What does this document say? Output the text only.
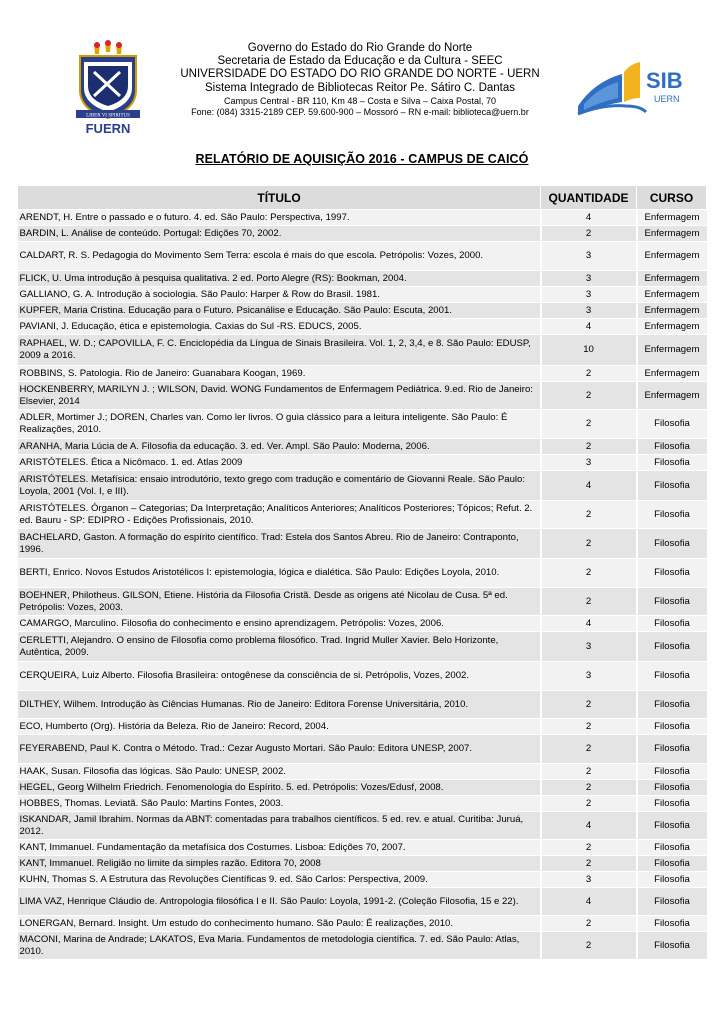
LIBER VI SPIRITUS
FUERN
Governo do Estado do Rio Grande do Norte
Secretaria de Estado da Educação e da Cultura - SEEC
UNIVERSIDADE DO ESTADO DO RIO GRANDE DO NORTE - UERN
Sistema Integrado de Bibliotecas Reitor Pe. Sátiro C. Dantas
Campus Central - BR 110, Km 48 – Costa e Silva – Caixa Postal, 70
Fone: (084) 3315-2189 CEP. 59.600-900 – Mossoró – RN e-mail: biblioteca@uern.br
SIB
UERN
RELATÓRIO DE AQUISIÇÃO 2016 - CAMPUS DE CAICÓ
TÍTULO	QUANTIDADE	CURSO
ARENDT, H. Entre o passado e o futuro. 4. ed. São Paulo: Perspectiva, 1997.	4	Enfermagem
BARDIN, L. Análise de conteúdo. Portugal: Edições 70, 2002.	2	Enfermagem
CALDART, R. S. Pedagogia do Movimento Sem Terra: escola é mais do que escola. Petrópolis: Vozes, 2000.	3	Enfermagem
FLICK, U. Uma introdução à pesquisa qualitativa. 2 ed. Porto Alegre (RS): Bookman, 2004.	3	Enfermagem
GALLIANO, G. A. Introdução à sociologia. São Paulo: Harper & Row do Brasil. 1981.	3	Enfermagem
KUPFER, Maria Cristina. Educação para o Futuro. Psicanálise e Educação. São Paulo: Escuta, 2001.	3	Enfermagem
PAVIANI, J. Educação, ética e epistemologia. Caxias do Sul -RS. EDUCS, 2005.	4	Enfermagem
RAPHAEL, W. D.; CAPOVILLA, F. C. Enciclopédia da Língua de Sinais Brasileira. Vol. 1, 2, 3,4, e 8. São Paulo: EDUSP, 2009 a 2016.	10	Enfermagem
ROBBINS, S. Patologia. Rio de Janeiro: Guanabara Koogan, 1969.	2	Enfermagem
HOCKENBERRY, MARILYN J. ; WILSON, David. WONG Fundamentos de Enfermagem Pediátrica. 9.ed. Rio de Janeiro: Elsevier, 2014	2	Enfermagem
ADLER, Mortimer J.; DOREN, Charles van. Como ler livros. O guia clássico para a leitura inteligente. São Paulo: É Realizações, 2010.	2	Filosofia
ARANHA, Maria Lúcia de A. Filosofia da educação. 3. ed. Ver. Ampl. São Paulo: Moderna, 2006.	2	Filosofia
ARISTÓTELES. Ética a Nicômaco. 1. ed. Atlas 2009	3	Filosofia
ARISTÓTELES. Metafísica: ensaio introdutório, texto grego com tradução e comentário de Giovanni Reale. São Paulo: Loyola, 2001 (Vol. I, e III).	4	Filosofia
ARISTÓTELES. Órganon – Categorias; Da Interpretação; Analíticos Anteriores; Analíticos Posteriores; Tópicos; Refut. 2. ed. Bauru - SP: EDIPRO - Edições Profissionais, 2010.	2	Filosofia
BACHELARD, Gaston. A formação do espírito científico. Trad: Estela dos Santos Abreu. Rio de Janeiro: Contraponto, 1996.	2	Filosofia
BERTI, Enrico. Novos Estudos Aristotélicos I: epistemologia, lógica e dialética. São Paulo: Edições Loyola, 2010.	2	Filosofia
BOEHNER, Philotheus. GILSON, Etiene. História da Filosofia Cristã. Desde as origens até Nicolau de Cusa. 5ª ed. Petrópolis: Vozes, 2003.	2	Filosofia
CAMARGO, Marculino. Filosofia do conhecimento e ensino aprendizagem. Petrópolis: Vozes, 2006.	4	Filosofia
CERLETTI, Alejandro. O ensino de Filosofia como problema filosófico. Trad. Ingrid Muller Xavier. Belo Horizonte, Autêntica, 2009.	3	Filosofia
CERQUEIRA, Luiz Alberto. Filosofia Brasileira: ontogênese da consciência de si. Petrópolis, Vozes, 2002.	3	Filosofia
DILTHEY, Wilhem. Introdução às Ciências Humanas. Rio de Janeiro: Editora Forense Universitária, 2010.	2	Filosofia
ECO, Humberto (Org). História da Beleza. Rio de Janeiro: Record, 2004.	2	Filosofia
FEYERABEND, Paul K. Contra o Método. Trad.: Cezar Augusto Mortari. São Paulo: Editora UNESP, 2007.	2	Filosofia
HAAK, Susan. Filosofia das lógicas. São Paulo: UNESP, 2002.	2	Filosofia
HEGEL, Georg Wilhelm Friedrich. Fenomenologia do Espírito. 5. ed. Petrópolis: Vozes/Edusf, 2008.	2	Filosofia
HOBBES, Thomas. Leviatã. São Paulo: Martins Fontes, 2003.	2	Filosofia
ISKANDAR, Jamil Ibrahim. Normas da ABNT: comentadas para trabalhos científicos. 5 ed. rev. e atual. Curitiba: Juruá, 2012.	4	Filosofia
KANT, Immanuel. Fundamentação da metafísica dos Costumes. Lisboa: Edições 70, 2007.	2	Filosofia
KANT, Immanuel. Religião no limite da simples razão. Editora 70, 2008	2	Filosofia
KUHN, Thomas S. A Estrutura das Revoluções Científicas 9. ed. São Carlos: Perspectiva, 2009.	3	Filosofia
LIMA VAZ, Henrique Cláudio de. Antropologia filosófica I e II. São Paulo: Loyola, 1991-2. (Coleção Filosofia, 15 e 22).	4	Filosofia
LONERGAN, Bernard. Insight. Um estudo do conhecimento humano. São Paulo: É realizações, 2010.	2	Filosofia
MACONI, Marina de Andrade; LAKATOS, Eva Maria. Fundamentos de metodologia científica. 7. ed. São Paulo: Atlas, 2010.	2	Filosofia
